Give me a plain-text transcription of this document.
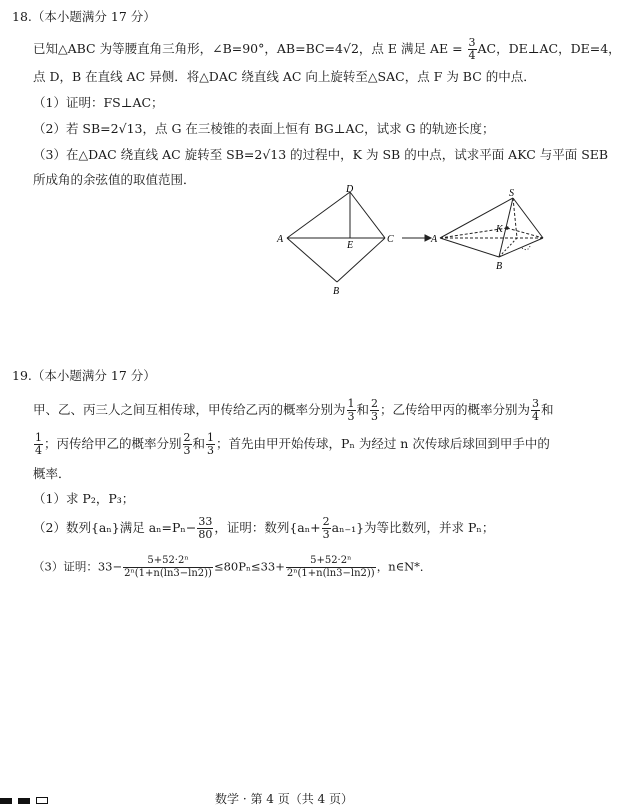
18.（本小题满分 17 分）
已知△ABC 为等腰直角三角形，∠B=90°，AB=BC=4√2，点 E 满足 AE = $\frac{3}{4}$ AC，DE⊥AC，DE=4，
点 D，B 在直线 AC 异侧．将△DAC 绕直线 AC 向上旋转至△SAC，点 F 为 BC 的中点．
（1）证明：FS⊥AC；
（2）若 SB=2√13，点 G 在三棱锥的表面上恒有 BG⊥AC，试求 G 的轨迹长度；
（3）在△DAC 绕直线 AC 旋转至 SB=2√13 的过程中，K 为 SB 的中点，试求平面 AKC 与平面 SEB
所成角的余弦值的取值范围．
D
A
E
C
B
A
S
K
B
19.（本小题满分 17 分）
甲、乙、丙三人之间互相传球，甲传给乙丙的概率分别为 $\frac{1}{3}$ 和 $\frac{2}{3}$ ；乙传给甲丙的概率分别为 $\frac{3}{4}$ 和
$\frac{1}{4}$ ；丙传给甲乙的概率分别 $\frac{2}{3}$ 和 $\frac{1}{3}$ ；首先由甲开始传球，Pₙ 为经过 n 次传球后球回到甲手中的
概率．
（1）求 P₂，P₃；
（2）数列{aₙ}满足 $a_n=P_n- \frac{33}{80}$ ，证明：数列$\{a_n+ \frac{2}{3} a_{n-1}\}$为等比数列，并求 Pₙ；
（3）证明：$33- \frac{\text{5+52·2ⁿ}}{\text{2ⁿ(1+n(ln3−ln2))}} \le 80P_n\le 33+ \frac{\text{5+52·2ⁿ}}{\text{2ⁿ(1+n(ln3−ln2))}}$ ，n∈N*．
数学 · 第 4 页（共 4 页）
